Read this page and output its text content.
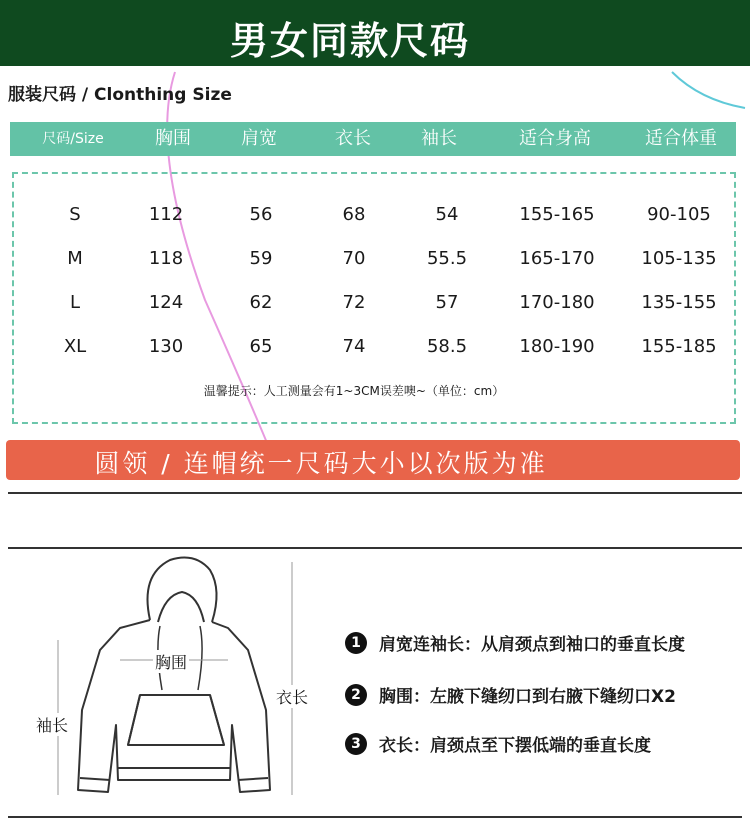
男女同款尺码
服装尺码 / Clonthing Size
尺码/Size	胸围	肩宽	衣长	袖长	适合身高	适合体重
S	112	56	68	54	155-165	90-105
M	118	59	70	55.5	165-170	105-135
L	124	62	72	57	170-180	135-155
XL	130	65	74	58.5	180-190	155-185
温馨提示：人工测量会有1~3CM误差噢~（单位：cm）
圆领 / 连帽统一尺码大小以次版为准
胸围
衣长
袖长
1	肩宽连袖长：从肩颈点到袖口的垂直长度
2	胸围：左腋下缝纫口到右腋下缝纫口X2
3	衣长：肩颈点至下摆低端的垂直长度
